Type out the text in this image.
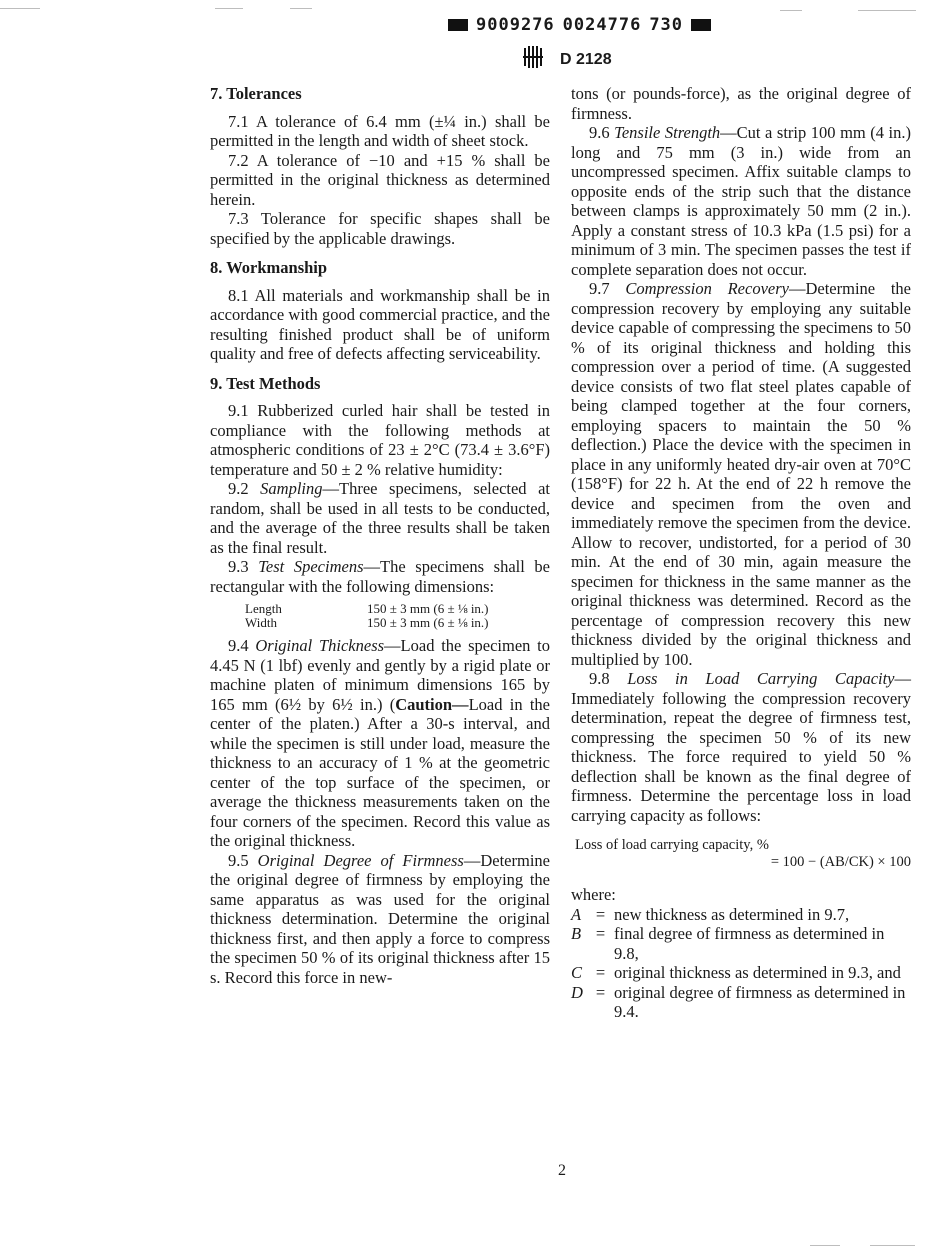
9009276 0024776 730
D 2128
7. Tolerances

7.1 A tolerance of 6.4 mm (±¼ in.) shall be permitted in the length and width of sheet stock.

7.2 A tolerance of −10 and +15 % shall be permitted in the original thickness as determined herein.

7.3 Tolerance for specific shapes shall be specified by the applicable drawings.

8. Workmanship

8.1 All materials and workmanship shall be in accordance with good commercial practice, and the resulting finished product shall be of uniform quality and free of defects affecting serviceability.

9. Test Methods

9.1 Rubberized curled hair shall be tested in compliance with the following methods at atmospheric conditions of 23 ± 2°C (73.4 ± 3.6°F) temperature and 50 ± 2 % relative humidity:

9.2 Sampling—Three specimens, selected at random, shall be used in all tests to be conducted, and the average of the three results shall be taken as the final result.

9.3 Test Specimens—The specimens shall be rectangular with the following dimensions:

Length	150 ± 3 mm (6 ± ⅛ in.)
Width	150 ± 3 mm (6 ± ⅛ in.)

9.4 Original Thickness—Load the specimen to 4.45 N (1 lbf) evenly and gently by a rigid plate or machine platen of minimum dimensions 165 by 165 mm (6½ by 6½ in.) (Caution—Load in the center of the platen.) After a 30-s interval, and while the specimen is still under load, measure the thickness to an accuracy of 1 % at the geometric center of the top surface of the specimen, or average the thickness measurements taken on the four corners of the specimen. Record this value as the original thickness.

9.5 Original Degree of Firmness—Determine the original degree of firmness by employing the same apparatus as was used for the original thickness determination. Determine the original thickness first, and then apply a force to compress the specimen 50 % of its original thickness after 15 s. Record this force in new-

tons (or pounds-force), as the original degree of firmness.

9.6 Tensile Strength—Cut a strip 100 mm (4 in.) long and 75 mm (3 in.) wide from an uncompressed specimen. Affix suitable clamps to opposite ends of the strip such that the distance between clamps is approximately 50 mm (2 in.). Apply a constant stress of 10.3 kPa (1.5 psi) for a minimum of 3 min. The specimen passes the test if complete separation does not occur.

9.7 Compression Recovery—Determine the compression recovery by employing any suitable device capable of compressing the specimens to 50 % of its original thickness and holding this compression over a period of time. (A suggested device consists of two flat steel plates capable of being clamped together at the four corners, employing spacers to maintain the 50 % deflection.) Place the device with the specimen in place in any uniformly heated dry-air oven at 70°C (158°F) for 22 h. At the end of 22 h remove the device and specimen from the oven and immediately remove the specimen from the device. Allow to recover, undistorted, for a period of 30 min. At the end of 30 min, again measure the specimen for thickness in the same manner as the original thickness was determined. Record as the percentage of compression recovery this new thickness divided by the original thickness and multiplied by 100.

9.8 Loss in Load Carrying Capacity—Immediately following the compression recovery determination, repeat the degree of firmness test, compressing the specimen 50 % of its new thickness. The force required to yield 50 % deflection shall be known as the final degree of firmness. Determine the percentage loss in load carrying capacity as follows:

Loss of load carrying capacity, %
= 100 − (AB/CK) × 100

where:

A = new thickness as determined in 9.7,
B = final degree of firmness as determined in 9.8,
C = original thickness as determined in 9.3, and
D = original degree of firmness as determined in 9.4.
2
